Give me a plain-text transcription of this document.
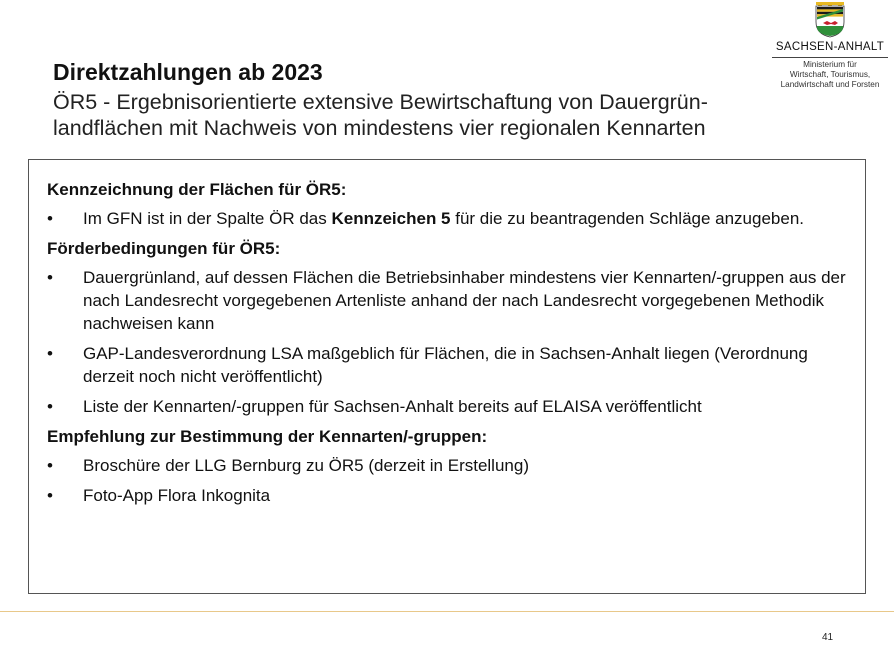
Direktzahlungen ab 2023

ÖR5 - Ergebnisorientierte extensive Bewirtschaftung von Dauergrün-
landflächen mit Nachweis von mindestens vier regionalen Kennarten

SACHSEN-ANHALT
Ministerium für
Wirtschaft, Tourismus,
Landwirtschaft und Forsten
Kennzeichnung der Flächen für ÖR5:
•	Im GFN ist in der Spalte ÖR das Kennzeichen 5 für die zu beantragenden Schläge anzugeben.
Förderbedingungen für ÖR5:
•	Dauergrünland, auf dessen Flächen die Betriebsinhaber mindestens vier Kennarten/-gruppen aus der nach Landesrecht vorgegebenen Artenliste anhand der nach Landesrecht vorgegebenen Methodik nachweisen kann
•	GAP-Landesverordnung LSA maßgeblich für Flächen, die in Sachsen-Anhalt liegen (Verordnung derzeit noch nicht veröffentlicht)
•	Liste der Kennarten/-gruppen für Sachsen-Anhalt bereits auf ELAISA veröffentlicht
Empfehlung zur Bestimmung der Kennarten/-gruppen:
•	Broschüre der LLG Bernburg zu ÖR5 (derzeit in Erstellung)
•	Foto-App Flora Inkognita
41
